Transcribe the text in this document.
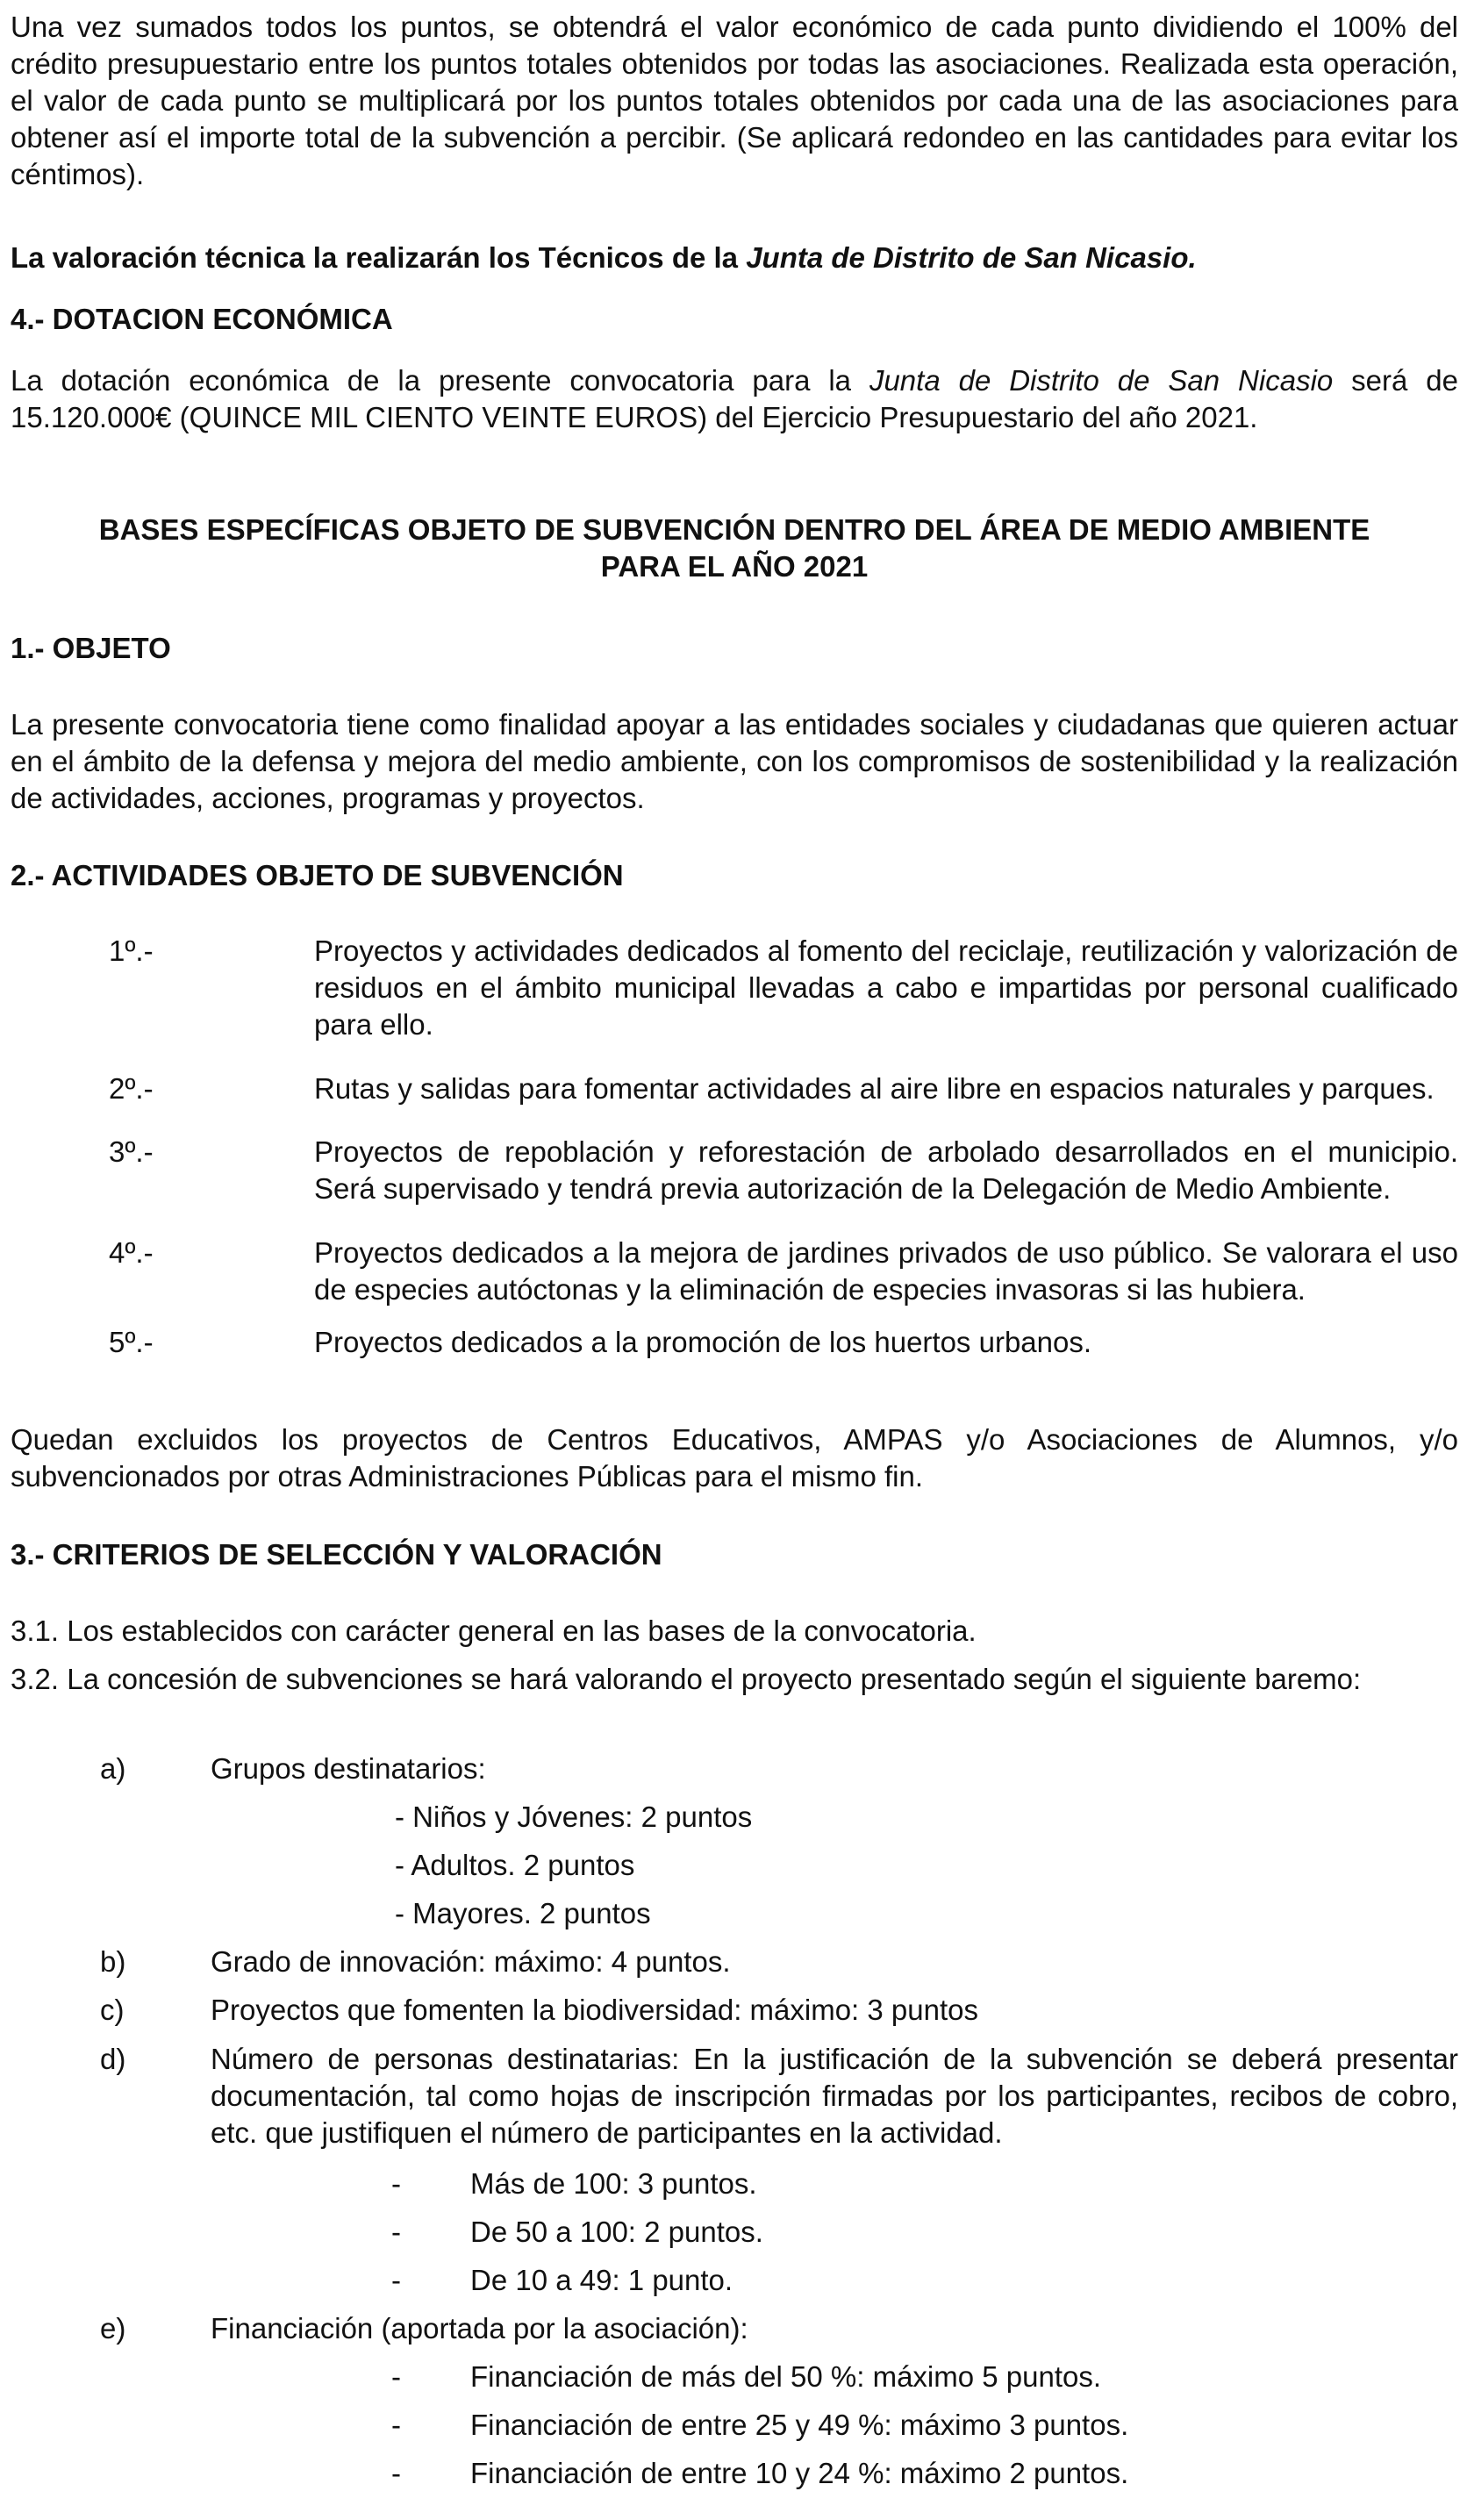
Una vez sumados todos los puntos, se obtendrá el valor económico de cada punto dividiendo el 100% del crédito presupuestario entre los puntos totales obtenidos por todas las asociaciones. Realizada esta operación, el valor de cada punto se multiplicará por los puntos totales obtenidos por cada una de las asociaciones para obtener así el importe total de la subvención a percibir. (Se aplicará redondeo en las cantidades para evitar los céntimos).

La valoración técnica la realizarán los Técnicos de la Junta de Distrito de San Nicasio.

4.- DOTACION ECONÓMICA

La dotación económica de la presente convocatoria para la Junta de Distrito de San Nicasio será de 15.120.000€ (QUINCE MIL CIENTO VEINTE EUROS) del Ejercicio Presupuestario del año 2021.

BASES ESPECÍFICAS OBJETO DE SUBVENCIÓN DENTRO DEL ÁREA DE MEDIO AMBIENTE

PARA EL AÑO 2021

1.- OBJETO

La presente convocatoria tiene como finalidad apoyar a las entidades sociales y ciudadanas que quieren actuar en el ámbito de la defensa y mejora del medio ambiente, con los compromisos de sostenibilidad y la realización de actividades, acciones, programas y proyectos.

2.- ACTIVIDADES OBJETO DE SUBVENCIÓN

1º.-	Proyectos y actividades dedicados al fomento del reciclaje, reutilización y valorización de residuos en el ámbito municipal llevadas a cabo e impartidas por personal cualificado para ello.

2º.-	Rutas y salidas para fomentar actividades al aire libre en espacios naturales y parques.

3º.-	Proyectos de repoblación y reforestación de arbolado desarrollados en el municipio. Será supervisado y tendrá previa autorización de la Delegación de Medio Ambiente.

4º.-	Proyectos dedicados a la mejora de jardines privados de uso público. Se valorara el uso de especies autóctonas y la eliminación de especies invasoras si las hubiera.

5º.-	Proyectos dedicados a la promoción de los huertos urbanos.

Quedan excluidos los proyectos de Centros Educativos, AMPAS y/o Asociaciones de Alumnos, y/o subvencionados por otras Administraciones Públicas para el mismo fin.

3.- CRITERIOS DE SELECCIÓN Y VALORACIÓN

3.1. Los establecidos con carácter general en las bases de la convocatoria.

3.2. La concesión de subvenciones se hará valorando el proyecto presentado según el siguiente baremo:

a)	Grupos destinatarios:

- Niños y Jóvenes: 2 puntos

- Adultos. 2 puntos

- Mayores. 2 puntos

b)	Grado de innovación: máximo: 4 puntos.

c)	Proyectos que fomenten la biodiversidad: máximo: 3 puntos

d)	Número de personas destinatarias: En la justificación de la subvención se deberá presentar documentación, tal como hojas de inscripción firmadas por los participantes, recibos de cobro, etc. que justifiquen el número de participantes en la actividad.

- Más de 100: 3 puntos.

- De 50 a 100: 2 puntos.

- De 10 a 49: 1 punto.

e)	Financiación (aportada por la asociación):

- Financiación de más del 50 %: máximo 5 puntos.

- Financiación de entre 25 y 49 %: máximo 3 puntos.

- Financiación de entre 10 y 24 %: máximo 2 puntos.
